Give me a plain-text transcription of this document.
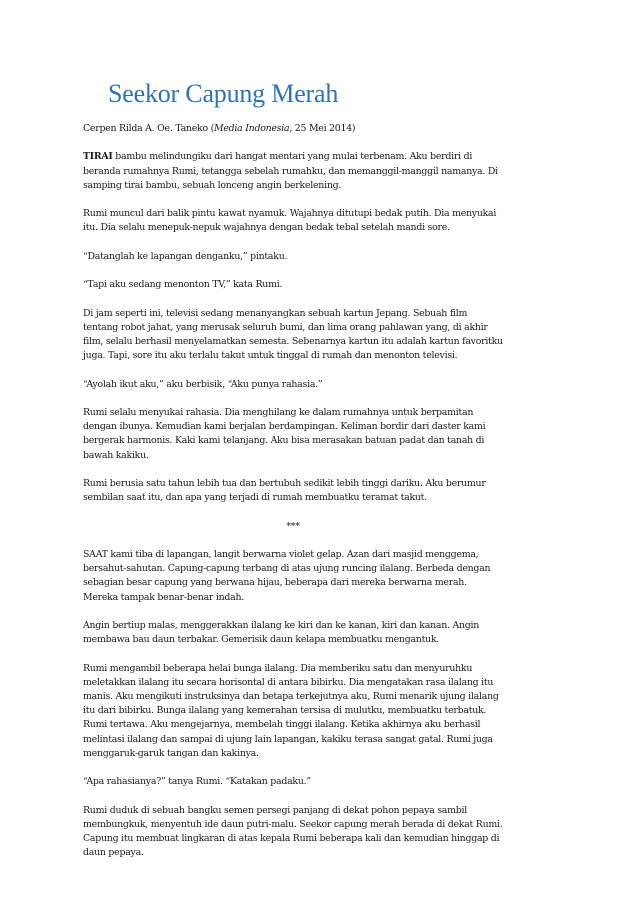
Seekor Capung Merah

Cerpen Rilda A. Oe. Taneko (Media Indonesia, 25 Mei 2014)

TIRAI bambu melindungiku dari hangat mentari yang mulai terbenam. Aku berdiri di beranda rumahnya Rumi, tetangga sebelah rumahku, dan memanggil-manggil namanya. Di samping tirai bambu, sebuah lonceng angin berkelening.

Rumi muncul dari balik pintu kawat nyamuk. Wajahnya ditutupi bedak putih. Dia menyukai itu. Dia selalu menepuk-nepuk wajahnya dengan bedak tebal setelah mandi sore.

“Datanglah ke lapangan denganku,” pintaku.

“Tapi aku sedang menonton TV,” kata Rumi.

Di jam seperti ini, televisi sedang menanyangkan sebuah kartun Jepang. Sebuah film tentang robot jahat, yang merusak seluruh bumi, dan lima orang pahlawan yang, di akhir film, selalu berhasil menyelamatkan semesta. Sebenarnya kartun itu adalah kartun favoritku juga. Tapi, sore itu aku terlalu takut untuk tinggal di rumah dan menonton televisi.

“Ayolah ikut aku,” aku berbisik, “Aku punya rahasia.”

Rumi selalu menyukai rahasia. Dia menghilang ke dalam rumahnya untuk berpamitan dengan ibunya. Kemudian kami berjalan berdampingan. Keliman bordir dari daster kami bergerak harmonis. Kaki kami telanjang. Aku bisa merasakan batuan padat dan tanah di bawah kakiku.

Rumi berusia satu tahun lebih tua dan bertubuh sedikit lebih tinggi dariku. Aku berumur sembilan saat itu, dan apa yang terjadi di rumah membuatku teramat takut.

***

SAAT kami tiba di lapangan, langit berwarna violet gelap. Azan dari masjid menggema, bersahut-sahutan. Capung-capung terbang di atas ujung runcing ilalang. Berbeda dengan sebagian besar capung yang berwana hijau, beberapa dari mereka berwarna merah. Mereka tampak benar-benar indah.

Angin bertiup malas, menggerakkan ilalang ke kiri dan ke kanan, kiri dan kanan. Angin membawa bau daun terbakar. Gemerisik daun kelapa membuatku mengantuk.

Rumi mengambil beberapa helai bunga ilalang. Dia memberiku satu dan menyuruhku meletakkan ilalang itu secara horisontal di antara bibirku. Dia mengatakan rasa ilalang itu manis. Aku mengikuti instruksinya dan betapa terkejutnya aku, Rumi menarik ujung ilalang itu dari bibirku. Bunga ilalang yang kemerahan tersisa di mulutku, membuatku terbatuk. Rumi tertawa. Aku mengejarnya, membelah tinggi ilalang. Ketika akhirnya aku berhasil melintasi ilalang dan sampai di ujung lain lapangan, kakiku terasa sangat gatal. Rumi juga menggaruk-garuk tangan dan kakinya.

“Apa rahasianya?” tanya Rumi. “Katakan padaku.”

Rumi duduk di sebuah bangku semen persegi panjang di dekat pohon pepaya sambil membungkuk, menyentuh ide daun putri-malu. Seekor capung merah berada di dekat Rumi. Capung itu membuat lingkaran di atas kepala Rumi beberapa kali dan kemudian hinggap di daun pepaya.
